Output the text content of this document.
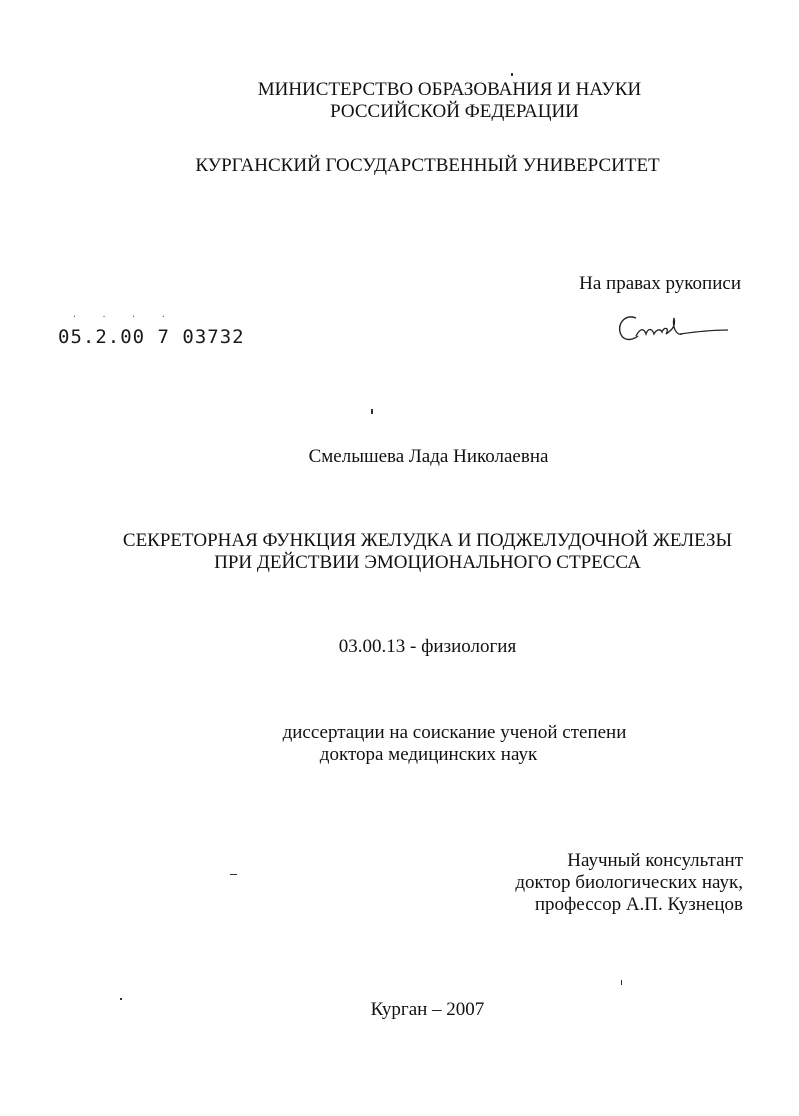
МИНИСТЕРСТВО ОБРАЗОВАНИЯ И НАУКИ
РОССИЙСКОЙ ФЕДЕРАЦИИ
КУРГАНСКИЙ ГОСУДАРСТВЕННЫЙ УНИВЕРСИТЕТ
На правах рукописи
· · · ·
05.2.00 7 03732
Смелышева Лада Николаевна
СЕКРЕТОРНАЯ ФУНКЦИЯ ЖЕЛУДКА И ПОДЖЕЛУДОЧНОЙ ЖЕЛЕЗЫ
ПРИ ДЕЙСТВИИ ЭМОЦИОНАЛЬНОГО СТРЕССА
03.00.13 - физиология
диссертации на соискание ученой степени
доктора медицинских наук
Научный консультант
доктор биологических наук,
профессор А.П. Кузнецов
Курган – 2007
